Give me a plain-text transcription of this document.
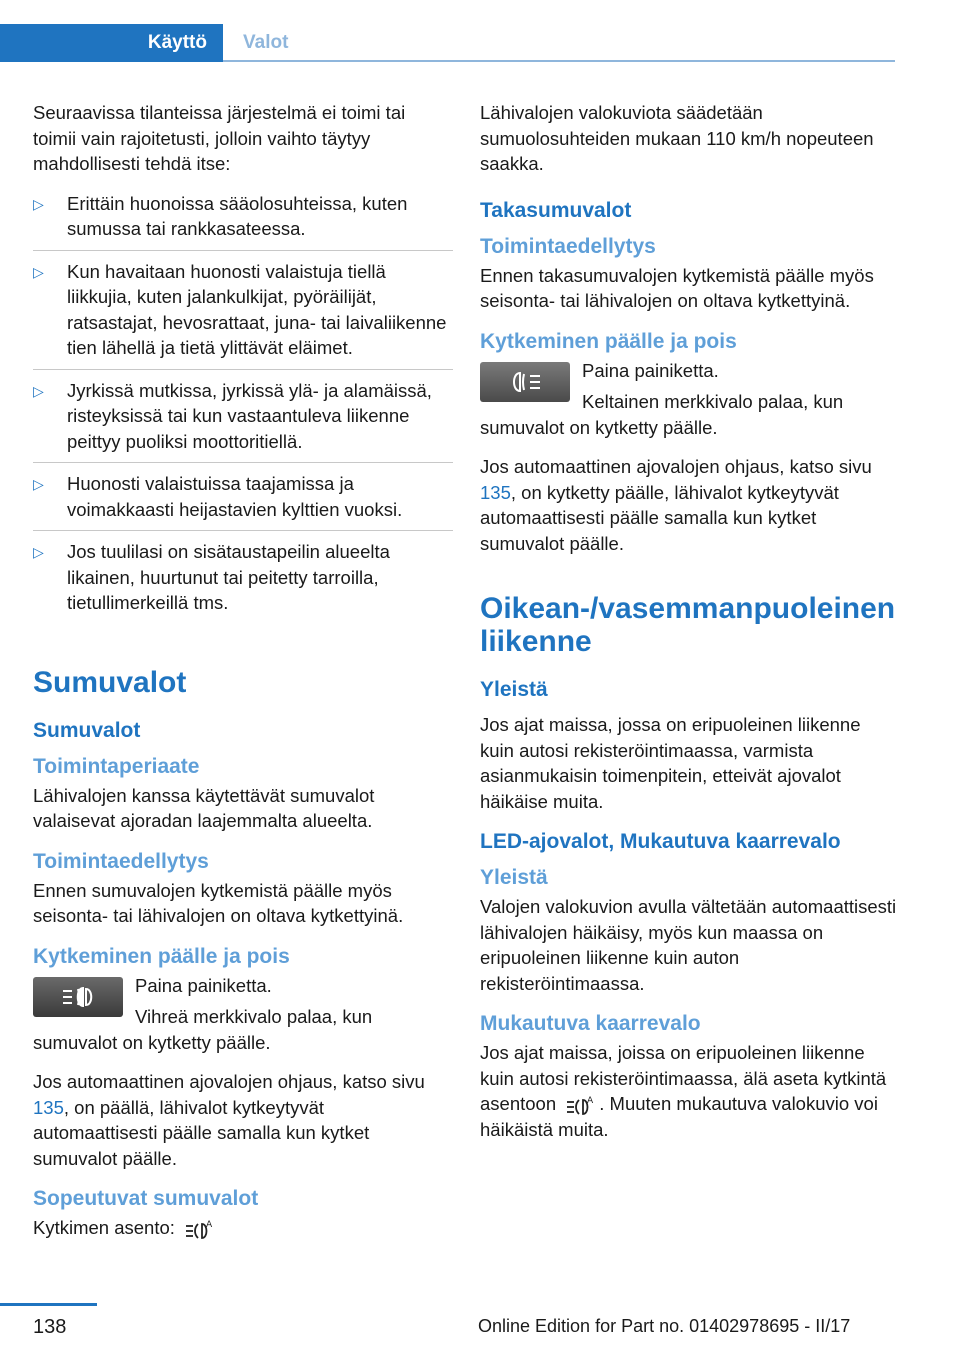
Käyttö	Valot

Seuraavissa tilanteissa järjestelmä ei toimi tai toimii vain rajoitetusti, jolloin vaihto täytyy mahdollisesti tehdä itse:

▷ Erittäin huonoissa sääolosuhteissa, kuten sumussa tai rankkasateessa.
▷ Kun havaitaan huonosti valaistuja tiellä liikkujia, kuten jalankulkijat, pyöräilijät, ratsastajat, hevosrattaat, juna- tai laivaliikenne tien lähellä ja tietä ylittävät eläimet.
▷ Jyrkissä mutkissa, jyrkissä ylä- ja alamäissä, risteyksissä tai kun vastaantuleva liikenne peittyy puoliksi moottoritiellä.
▷ Huonosti valaistuissa taajamissa ja voimakkaasti heijastavien kylttien vuoksi.
▷ Jos tuulilasi on sisätaustapeilin alueelta likainen, huurtunut tai peitetty tarroilla, tietullimerkeillä tms.
Sumuvalot
Sumuvalot
Toimintaperiaate

Lähivalojen kanssa käytettävät sumuvalot valaisevat ajoradan laajemmalta alueelta.

Toimintaedellytys

Ennen sumuvalojen kytkemistä päälle myös seisonta- tai lähivalojen on oltava kytkettyinä.

Kytkeminen päälle ja pois

Paina painiketta.

Vihreä merkkivalo palaa, kun sumuvalot on kytketty päälle.

Jos automaattinen ajovalojen ohjaus, katso sivu 135, on päällä, lähivalot kytkeytyvät automaattisesti päälle samalla kun kytket sumuvalot päälle.

Sopeutuvat sumuvalot

Kytkimen asento:	A

Lähivalojen valokuviota säädetään sumuolosuhteiden mukaan 110 km/h nopeuteen saakka.

Takasumuvalot
Toimintaedellytys

Ennen takasumuvalojen kytkemistä päälle myös seisonta- tai lähivalojen on oltava kytkettyinä.

Kytkeminen päälle ja pois

Paina painiketta.

Keltainen merkkivalo palaa, kun sumuvalot on kytketty päälle.

Jos automaattinen ajovalojen ohjaus, katso sivu 135, on kytketty päälle, lähivalot kytkeytyvät automaattisesti päälle samalla kun kytket sumuvalot päälle.

Oikean-/vasemmanpuoleinen liikenne
Yleistä

Jos ajat maissa, jossa on eripuoleinen liikenne kuin autosi rekisteröintimaassa, varmista asianmukaisin toimenpitein, etteivät ajovalot häikäise muita.

LED-ajovalot, Mukautuva kaarrevalo
Yleistä

Valojen valokuvion avulla vältetään automaattisesti lähivalojen häikäisy, myös kun maassa on eripuoleinen liikenne kuin auton rekisteröintimaassa.

Mukautuva kaarrevalo

Jos ajat maissa, joissa on eripuoleinen liikenne kuin autosi rekisteröintimaassa, älä aseta kytkintä asentoon	A . Muuten mukautuva valokuvio voi häikäistä muita.

138	Online Edition for Part no. 01402978695 - II/17
